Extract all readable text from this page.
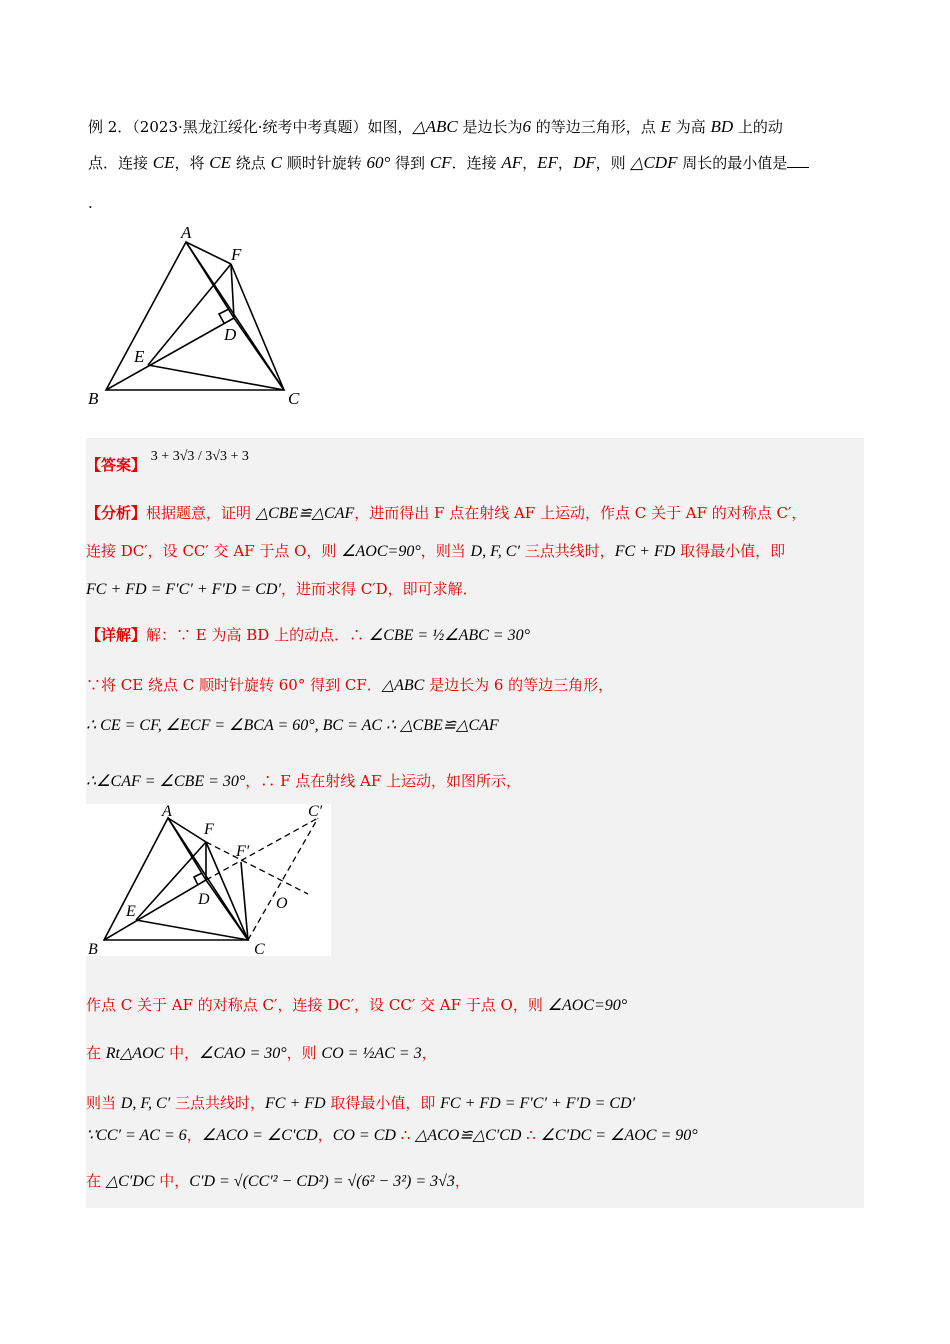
例 2．（2023·黑龙江绥化·统考中考真题）如图，△ABC 是边长为6 的等边三角形，点 E 为高 BD 上的动
点．连接 CE，将 CE 绕点 C 顺时针旋转 60° 得到 CF．连接 AF，EF，DF，则 △CDF 周长的最小值是
.
A
F
D
E
B	C
【答案】 3 + 3√3 / 3√3 + 3
【分析】根据题意，证明 △CBE≌△CAF，进而得出 F 点在射线 AF 上运动，作点 C 关于 AF 的对称点 C′，
连接 DC′，设 CC′ 交 AF 于点 O，则 ∠AOC=90°，则当 D, F, C′ 三点共线时，FC + FD 取得最小值，即
FC + FD = F′C′ + F′D = CD′，进而求得 C′D，即可求解．
【详解】解：∵ E 为高 BD 上的动点．∴ ∠CBE = ½∠ABC = 30°
∵将 CE 绕点 C 顺时针旋转 60° 得到 CF．△ABC 是边长为 6 的等边三角形，
∴ CE = CF, ∠ECF = ∠BCA = 60°, BC = AC ∴ △CBE≌△CAF
∴∠CAF = ∠CBE = 30°，∴ F 点在射线 AF 上运动，如图所示，
A
F
F′
C′
O
D
E
B	C
作点 C 关于 AF 的对称点 C′，连接 DC′，设 CC′ 交 AF 于点 O，则 ∠AOC=90°
在 Rt△AOC 中，∠CAO = 30°，则 CO = ½AC = 3，
则当 D, F, C′ 三点共线时，FC + FD 取得最小值，即 FC + FD = F′C′ + F′D = CD′
∵CC′ = AC = 6，∠ACO = ∠C′CD，CO = CD ∴ △ACO≌△C′CD ∴ ∠C′DC = ∠AOC = 90°
在 △C′DC 中，C′D = √(CC′² − CD²) = √(6² − 3²) = 3√3，
